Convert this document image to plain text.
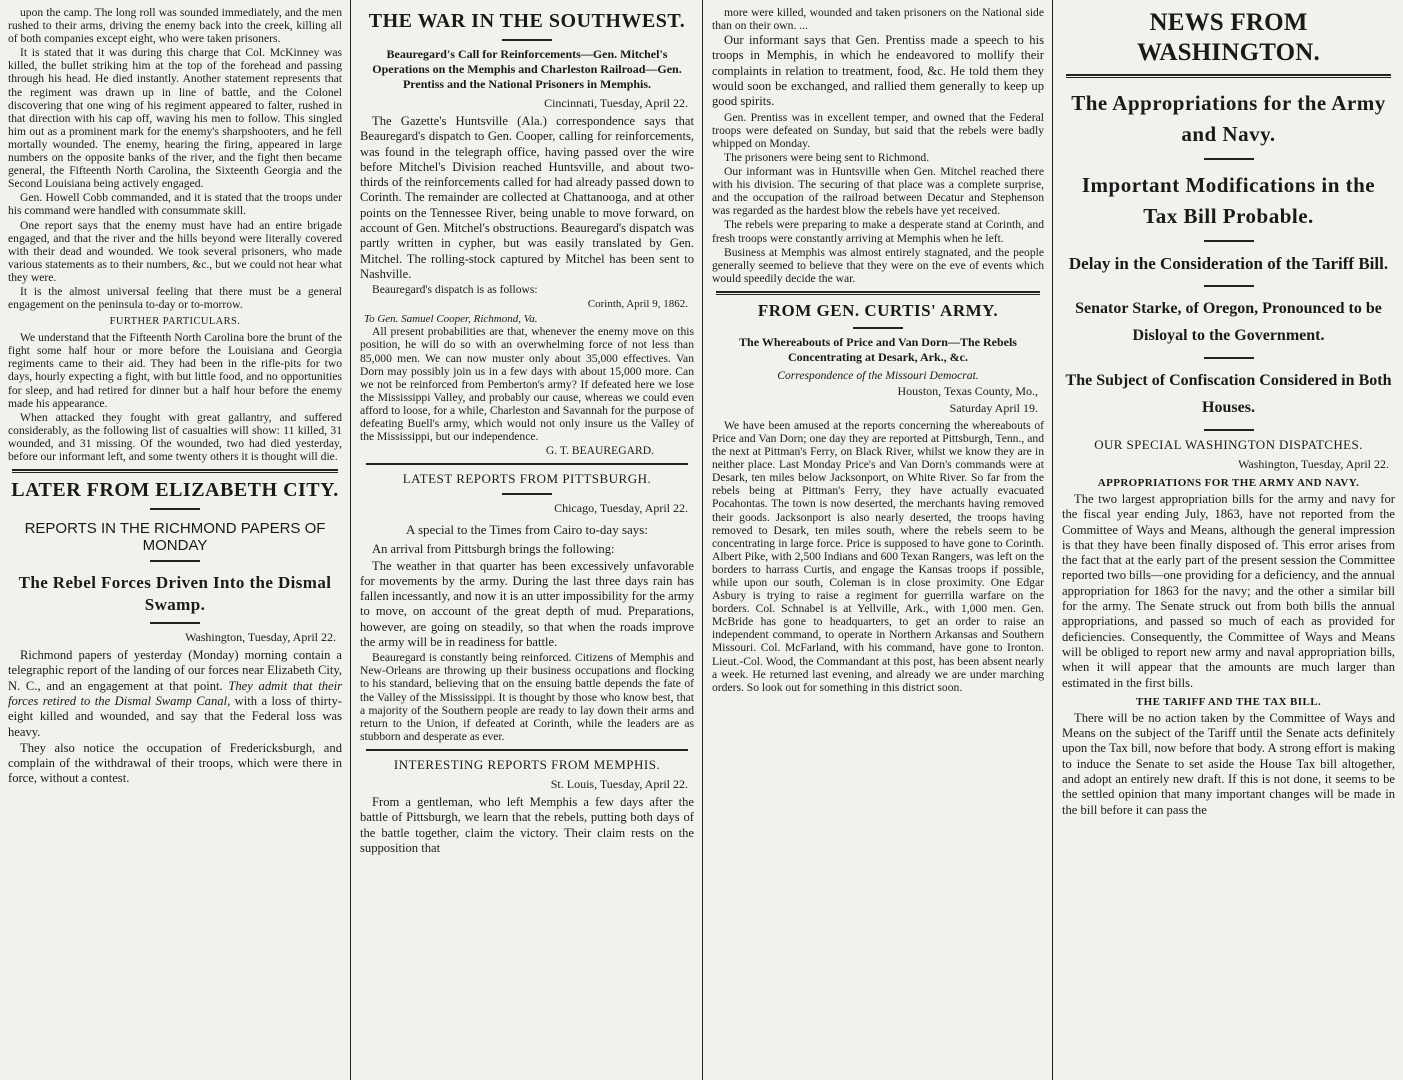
upon the camp. The long roll was sounded immediately, and the men rushed to their arms, driving the enemy back into the creek, killing all of both companies except eight, who were taken prisoners.

It is stated that it was during this charge that Col. McKinney was killed, the bullet striking him at the top of the forehead and passing through his head. He died instantly. Another statement represents that the regiment was drawn up in line of battle, and the Colonel discovering that one wing of his regiment appeared to falter, rushed in that direction with his cap off, waving his men to follow. This singled him out as a prominent mark for the enemy's sharpshooters, and he fell mortally wounded. The enemy, hearing the firing, appeared in large numbers on the opposite banks of the river, and the fight then became general, the Fifteenth North Carolina, the Sixteenth Georgia and the Second Louisiana being actively engaged.

Gen. Howell Cobb commanded, and it is stated that the troops under his command were handled with consummate skill.

One report says that the enemy must have had an entire brigade engaged, and that the river and the hills beyond were literally covered with their dead and wounded. We took several prisoners, who made various statements as to their numbers, &c., but we could not hear what they were.

It is the almost universal feeling that there must be a general engagement on the peninsula to-day or to-morrow.

FURTHER PARTICULARS.

We understand that the Fifteenth North Carolina bore the brunt of the fight some half hour or more before the Louisiana and Georgia regiments came to their aid. They had been in the rifle-pits for two days, hourly expecting a fight, with but little food, and no opportunities for sleep, and had retired for dinner but a half hour before the enemy made his appearance.

When attacked they fought with great gallantry, and suffered considerably, as the following list of casualties will show: 11 killed, 31 wounded, and 31 missing. Of the wounded, two had died yesterday, before our informant left, and some twenty others it is thought will die.

LATER FROM ELIZABETH CITY.
REPORTS IN THE RICHMOND PAPERS OF MONDAY
The Rebel Forces Driven Into the Dismal Swamp.
Washington, Tuesday, April 22.

Richmond papers of yesterday (Monday) morning contain a telegraphic report of the landing of our forces near Elizabeth City, N. C., and an engagement at that point. They admit that their forces retired to the Dismal Swamp Canal, with a loss of thirty-eight killed and wounded, and say that the Federal loss was heavy.

They also notice the occupation of Fredericksburgh, and complain of the withdrawal of their troops, which were there in force, without a contest.

THE WAR IN THE SOUTHWEST.
Beauregard's Call for Reinforcements—Gen. Mitchel's Operations on the Memphis and Charleston Railroad—Gen. Prentiss and the National Prisoners in Memphis.
Cincinnati, Tuesday, April 22.

The Gazette's Huntsville (Ala.) correspondence says that Beauregard's dispatch to Gen. Cooper, calling for reinforcements, was found in the telegraph office, having passed over the wire before Mitchel's Division reached Huntsville, and about two-thirds of the reinforcements called for had already passed down to Corinth. The remainder are collected at Chattanooga, and at other points on the Tennessee River, being unable to move forward, on account of Gen. Mitchel's obstructions. Beauregard's dispatch was partly written in cypher, but was easily translated by Gen. Mitchel. The rolling-stock captured by Mitchel has been sent to Nashville.

Beauregard's dispatch is as follows:

Corinth, April 9, 1862.
To Gen. Samuel Cooper, Richmond, Va.

All present probabilities are that, whenever the enemy move on this position, he will do so with an overwhelming force of not less than 85,000 men. We can now muster only about 35,000 effectives. Van Dorn may possibly join us in a few days with about 15,000 more. Can we not be reinforced from Pemberton's army? If defeated here we lose the Mississippi Valley, and probably our cause, whereas we could even afford to loose, for a while, Charleston and Savannah for the purpose of defeating Buell's army, which would not only insure us the Valley of the Mississippi, but our independence.

G. T. BEAUREGARD.
LATEST REPORTS FROM PITTSBURGH.
Chicago, Tuesday, April 22.
A special to the Times from Cairo to-day says:

An arrival from Pittsburgh brings the following:

The weather in that quarter has been excessively unfavorable for movements by the army. During the last three days rain has fallen incessantly, and now it is an utter impossibility for the army to move, on account of the great depth of mud. Preparations, however, are going on steadily, so that when the roads improve the army will be in readiness for battle.

Beauregard is constantly being reinforced. Citizens of Memphis and New-Orleans are throwing up their business occupations and flocking to his standard, believing that on the ensuing battle depends the fate of the Valley of the Mississippi. It is thought by those who know best, that a majority of the Southern people are ready to lay down their arms and return to the Union, if defeated at Corinth, while the leaders are as stubborn and desperate as ever.

INTERESTING REPORTS FROM MEMPHIS.
St. Louis, Tuesday, April 22.

From a gentleman, who left Memphis a few days after the battle of Pittsburgh, we learn that the rebels, putting both days of the battle together, claim the victory. Their claim rests on the supposition that

more were killed, wounded and taken prisoners on the National side than on their own. ...

Our informant says that Gen. Prentiss made a speech to his troops in Memphis, in which he endeavored to mollify their complaints in relation to treatment, food, &c. He told them they would soon be exchanged, and rallied them generally to keep up good spirits.

Gen. Prentiss was in excellent temper, and owned that the Federal troops were defeated on Sunday, but said that the rebels were badly whipped on Monday.

The prisoners were being sent to Richmond.

Our informant was in Huntsville when Gen. Mitchel reached there with his division. The securing of that place was a complete surprise, and the occupation of the railroad between Decatur and Stephenson was regarded as the hardest blow the rebels have yet received.

The rebels were preparing to make a desperate stand at Corinth, and fresh troops were constantly arriving at Memphis when he left.

Business at Memphis was almost entirely stagnated, and the people generally seemed to believe that they were on the eve of events which would speedily decide the war.

FROM GEN. CURTIS' ARMY.
The Whereabouts of Price and Van Dorn—The Rebels Concentrating at Desark, Ark., &c.
Correspondence of the Missouri Democrat.
Houston, Texas County, Mo.,
Saturday April 19.

We have been amused at the reports concerning the whereabouts of Price and Van Dorn; one day they are reported at Pittsburgh, Tenn., and the next at Pittman's Ferry, on Black River, whilst we know they are in neither place. Last Monday Price's and Van Dorn's commands were at Desark, ten miles below Jacksonport, on White River. So far from the rebels being at Pittman's Ferry, they have actually evacuated Pocahontas. The town is now deserted, the merchants having removed their goods. Jacksonport is also nearly deserted, the troops having removed to Desark, ten miles south, where the rebels seem to be concentrating in large force. Price is supposed to have gone to Corinth. Albert Pike, with 2,500 Indians and 600 Texan Rangers, was left on the borders to harrass Curtis, and engage the Kansas troops if possible, while upon our south, Coleman is in close proximity. One Edgar Asbury is trying to raise a regiment for guerrilla warfare on the borders. Col. Schnabel is at Yellville, Ark., with 1,000 men. Gen. McBride has gone to headquarters, to get an order to raise an independent command, to operate in Northern Arkansas and Southern Missouri. Col. McFarland, with his command, have gone to Ironton. Lieut.-Col. Wood, the Commandant at this post, has been absent nearly a week. He returned last evening, and already we are under marching orders. So look out for something in this district soon.

NEWS FROM WASHINGTON.
The Appropriations for the Army and Navy.
Important Modifications in the Tax Bill Probable.
Delay in the Consideration of the Tariff Bill.
Senator Starke, of Oregon, Pronounced to be Disloyal to the Government.
The Subject of Confiscation Considered in Both Houses.
OUR SPECIAL WASHINGTON DISPATCHES.
Washington, Tuesday, April 22.
APPROPRIATIONS FOR THE ARMY AND NAVY.

The two largest appropriation bills for the army and navy for the fiscal year ending July, 1863, have not reported from the Committee of Ways and Means, although the general impression is that they have been finally disposed of. This error arises from the fact that at the early part of the present session the Committee reported two bills—one providing for a deficiency, and the annual appropriation for 1863 for the navy; and the other a similar bill for the army. The Senate struck out from both bills the annual appropriations, and passed so much of each as provided for deficiencies. Consequently, the Committee of Ways and Means will be obliged to report new army and naval appropriation bills, when it will appear that the amounts are much larger than estimated in the first bills.

THE TARIFF AND THE TAX BILL.

There will be no action taken by the Committee of Ways and Means on the subject of the Tariff until the Senate acts definitely upon the Tax bill, now before that body. A strong effort is making to induce the Senate to set aside the House Tax bill altogether, and adopt an entirely new draft. If this is not done, it seems to be the settled opinion that many important changes will be made in the bill before it can pass the
